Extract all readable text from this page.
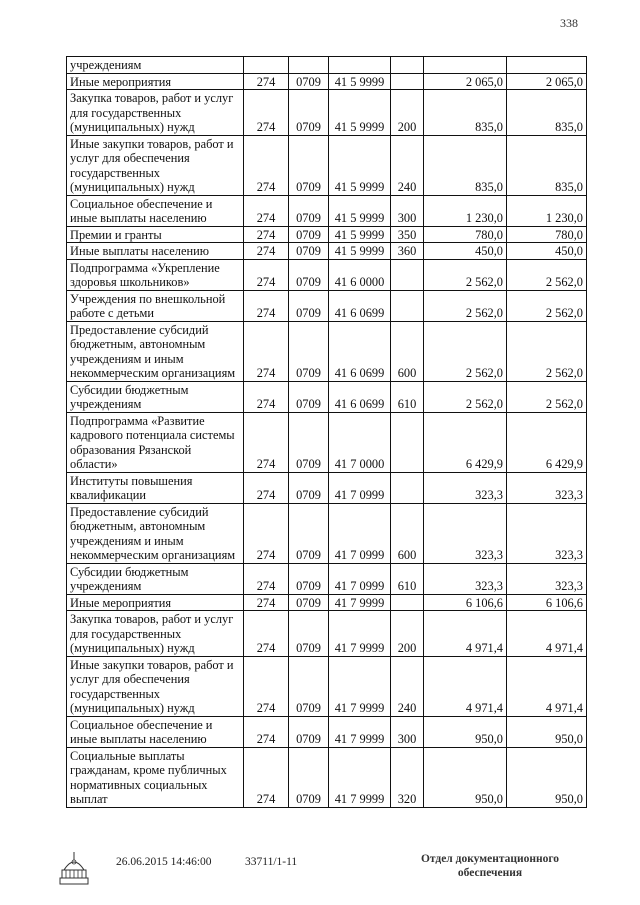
338
учреждениям						
Иные мероприятия	274	0709	41 5 9999		2 065,0	2 065,0
Закупка товаров, работ и услуг для государственных (муниципальных) нужд	274	0709	41 5 9999	200	835,0	835,0
Иные закупки товаров, работ и услуг для обеспечения государственных (муниципальных) нужд	274	0709	41 5 9999	240	835,0	835,0
Социальное обеспечение и иные выплаты населению	274	0709	41 5 9999	300	1 230,0	1 230,0
Премии и гранты	274	0709	41 5 9999	350	780,0	780,0
Иные выплаты населению	274	0709	41 5 9999	360	450,0	450,0
Подпрограмма «Укрепление здоровья школьников»	274	0709	41 6 0000		2 562,0	2 562,0
Учреждения по внешкольной работе с детьми	274	0709	41 6 0699		2 562,0	2 562,0
Предоставление субсидий бюджетным, автономным учреждениям и иным некоммерческим организациям	274	0709	41 6 0699	600	2 562,0	2 562,0
Субсидии бюджетным учреждениям	274	0709	41 6 0699	610	2 562,0	2 562,0
Подпрограмма «Развитие кадрового потенциала системы образования Рязанской области»	274	0709	41 7 0000		6 429,9	6 429,9
Институты повышения квалификации	274	0709	41 7 0999		323,3	323,3
Предоставление субсидий бюджетным, автономным учреждениям и иным некоммерческим организациям	274	0709	41 7 0999	600	323,3	323,3
Субсидии бюджетным учреждениям	274	0709	41 7 0999	610	323,3	323,3
Иные мероприятия	274	0709	41 7 9999		6 106,6	6 106,6
Закупка товаров, работ и услуг для государственных (муниципальных) нужд	274	0709	41 7 9999	200	4 971,4	4 971,4
Иные закупки товаров, работ и услуг для обеспечения государственных (муниципальных) нужд	274	0709	41 7 9999	240	4 971,4	4 971,4
Социальное обеспечение и иные выплаты населению	274	0709	41 7 9999	300	950,0	950,0
Социальные выплаты гражданам, кроме публичных нормативных социальных выплат	274	0709	41 7 9999	320	950,0	950,0
26.06.2015 14:46:00	33711/1-11	Отдел документационного
обеспечения
